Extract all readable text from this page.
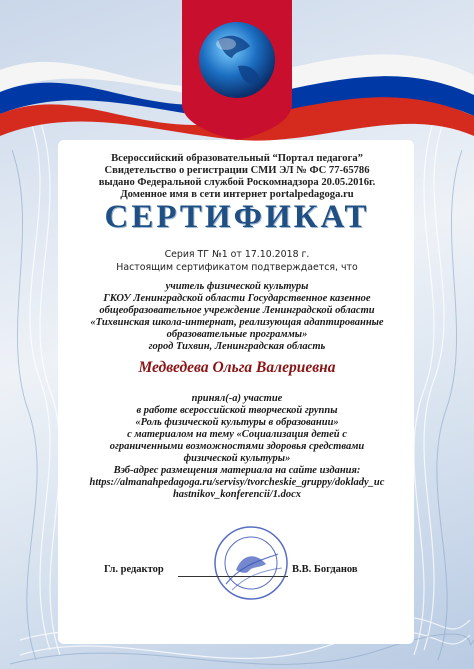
Всероссийский образовательный “Портал педагога”
Свидетельство о регистрации СМИ ЭЛ № ФС 77-65786
выдано Федеральной службой Роскомнадзора 20.05.2016г.
Доменное имя в сети интернет portalpedagoga.ru
СЕРТИФИКАТ
Серия ТГ №1 от 17.10.2018 г.
Настоящим сертификатом подтверждается, что
учитель физической культуры
ГКОУ Ленинградской области Государственное казенное
общеобразовательное учреждение Ленинградской области
«Тихвинская школа-интернат, реализующая адаптированные
образовательные программы»
город Тихвин, Ленинградская область
Медведева Ольга Валериевна
принял(-а) участие
в работе всероссийской творческой группы
«Роль физической культуры в образовании»
с материалом на тему «Социализация детей с
ограниченными возможностями здоровья средствами
физической культуры»
Вэб-адрес размещения материала на сайте издания:
https://almanahpedagoga.ru/servisy/tvorcheskie_gruppy/doklady_uc
hastnikov_konferencii/1.docx
Гл. редактор	В.В. Богданов
